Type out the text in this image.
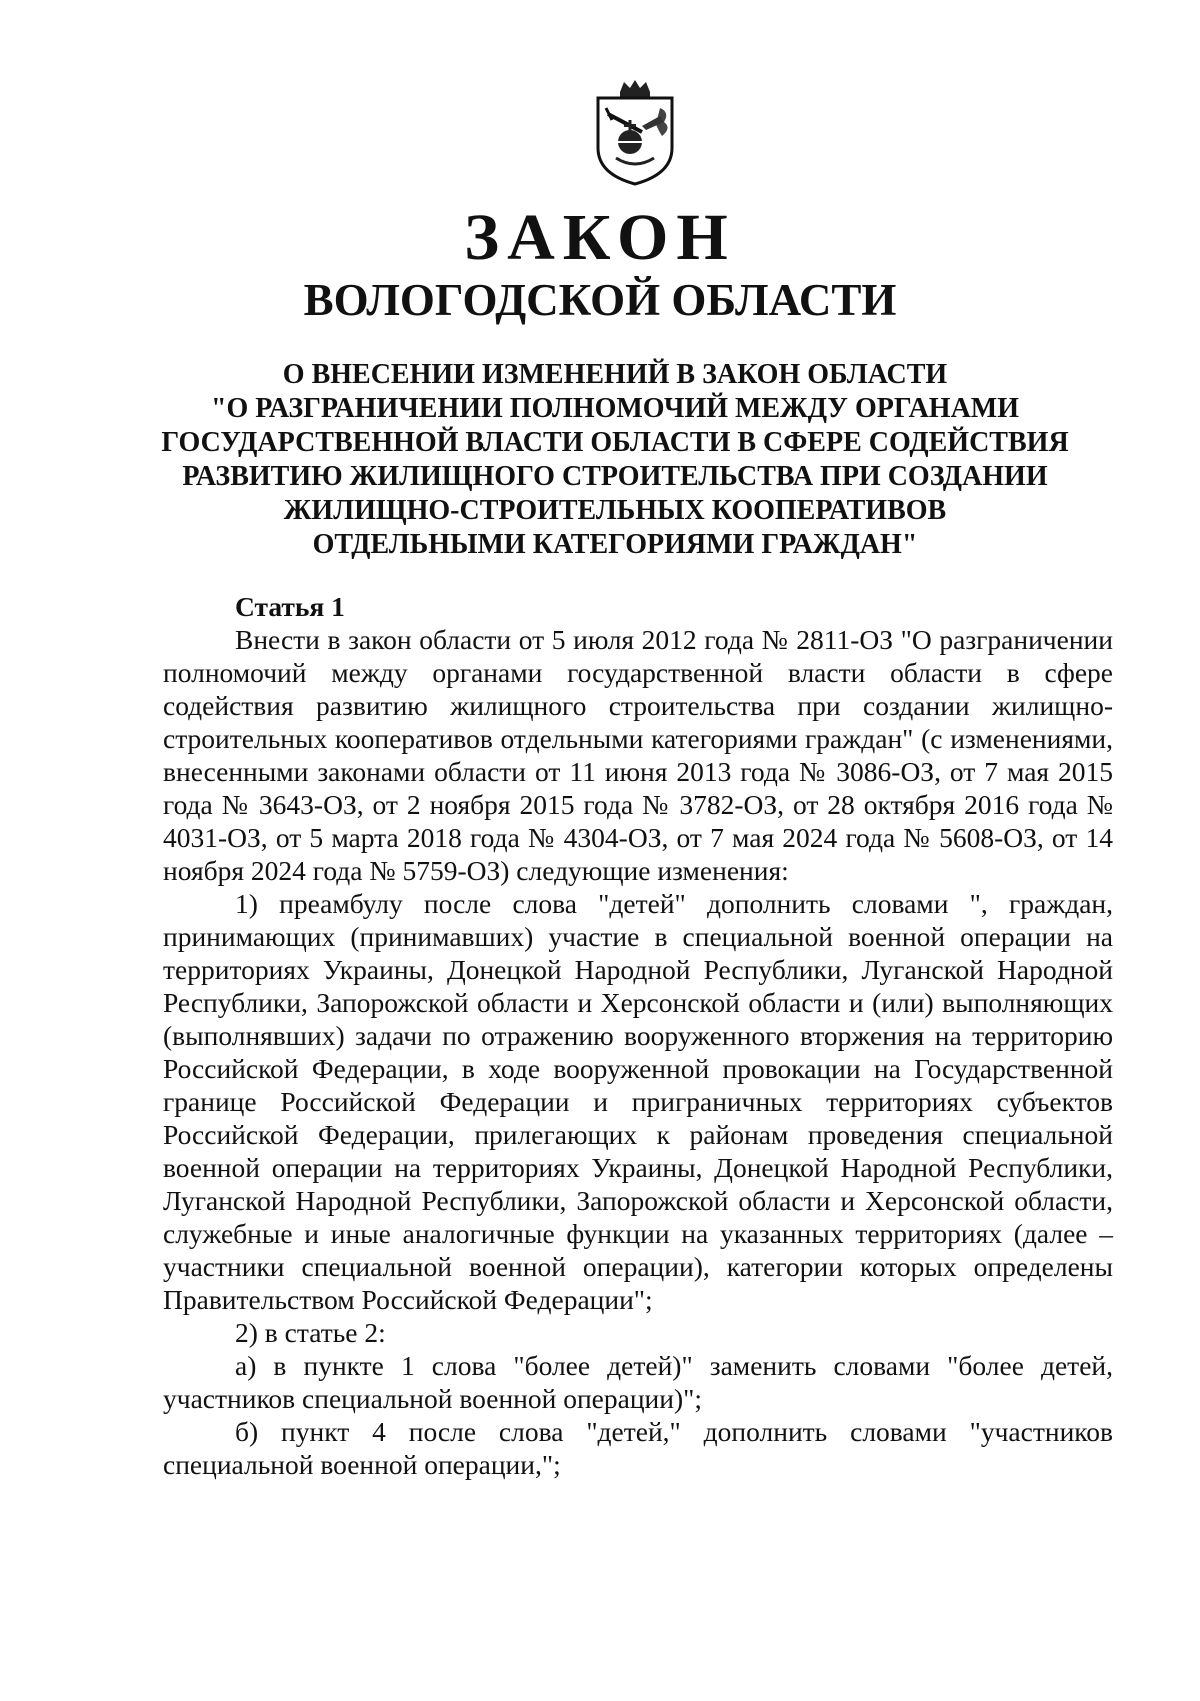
ЗАКОН
ВОЛОГОДСКОЙ ОБЛАСТИ
О ВНЕСЕНИИ ИЗМЕНЕНИЙ В ЗАКОН ОБЛАСТИ
"О РАЗГРАНИЧЕНИИ ПОЛНОМОЧИЙ МЕЖДУ ОРГАНАМИ
ГОСУДАРСТВЕННОЙ ВЛАСТИ ОБЛАСТИ В СФЕРЕ СОДЕЙСТВИЯ
РАЗВИТИЮ ЖИЛИЩНОГО СТРОИТЕЛЬСТВА ПРИ СОЗДАНИИ
ЖИЛИЩНО-СТРОИТЕЛЬНЫХ КООПЕРАТИВОВ
ОТДЕЛЬНЫМИ КАТЕГОРИЯМИ ГРАЖДАН"

Статья 1

Внести в закон области от 5 июля 2012 года № 2811-ОЗ "О разграничении полномочий между органами государственной власти области в сфере содействия развитию жилищного строительства при создании жилищно-строительных кооперативов отдельными категориями граждан" (с изменениями, внесенными законами области от 11 июня 2013 года № 3086-ОЗ, от 7 мая 2015 года № 3643-ОЗ, от 2 ноября 2015 года № 3782-ОЗ, от 28 октября 2016 года № 4031-ОЗ, от 5 марта 2018 года № 4304-ОЗ, от 7 мая 2024 года № 5608-ОЗ, от 14 ноября 2024 года № 5759-ОЗ) следующие изменения:

1) преамбулу после слова "детей" дополнить словами ", граждан, принимающих (принимавших) участие в специальной военной операции на территориях Украины, Донецкой Народной Республики, Луганской Народной Республики, Запорожской области и Херсонской области и (или) выполняющих (выполнявших) задачи по отражению вооруженного вторжения на территорию Российской Федерации, в ходе вооруженной провокации на Государственной границе Российской Федерации и приграничных территориях субъектов Российской Федерации, прилегающих к районам проведения специальной военной операции на территориях Украины, Донецкой Народной Республики, Луганской Народной Республики, Запорожской области и Херсонской области, служебные и иные аналогичные функции на указанных территориях (далее – участники специальной военной операции), категории которых определены Правительством Российской Федерации";

2) в статье 2:

а) в пункте 1 слова "более детей)" заменить словами "более детей, участников специальной военной операции)";

б) пункт 4 после слова "детей," дополнить словами "участников специальной военной операции,";
